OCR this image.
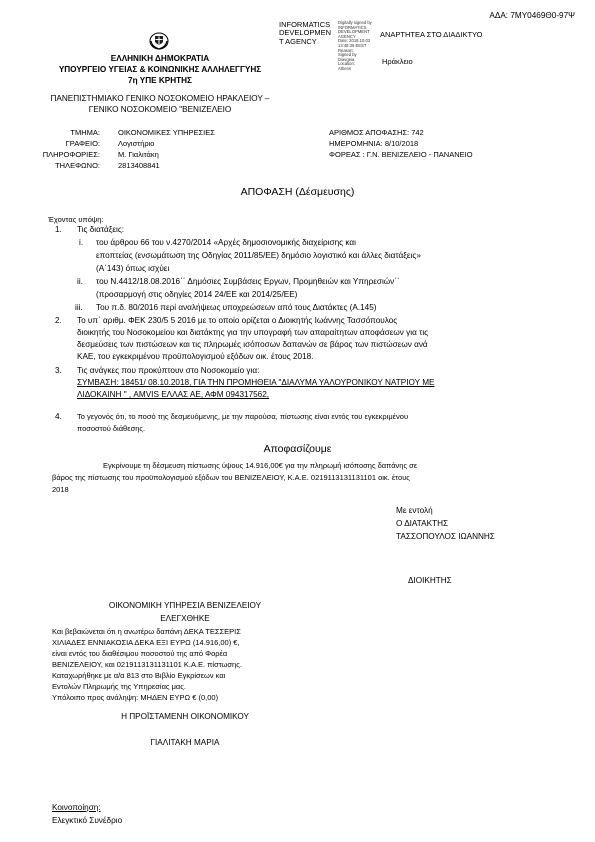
ΑΔΑ: 7ΜΥ0469Θ0-97Ψ
INFORMATICS
DEVELOPMEN
T AGENCY
Digitally signed by
INFORMATICS
DEVELOPMENT
AGENCY
Date: 2018.10.03
13:48:39 EEST
Reason:
Signed by
Diavgeia
Location:
Athens
ΑΝΑΡΤΗΤΕΑ ΣΤΟ ΔΙΑΔΙΚΤΥΟ
Ηράκλειο
ΕΛΛΗΝΙΚΗ ΔΗΜΟΚΡΑΤΙΑ
ΥΠΟΥΡΓΕΙΟ ΥΓΕΙΑΣ & ΚΟΙΝΩΝΙΚΗΣ ΑΛΛΗΛΕΓΓΥΗΣ
7η ΥΠΕ ΚΡΗΤΗΣ
ΠΑΝΕΠΙΣΤΗΜΙΑΚΟ ΓΕΝΙΚΟ ΝΟΣΟΚΟΜΕΙΟ ΗΡΑΚΛΕΙΟΥ –
ΓΕΝΙΚΟ ΝΟΣΟΚΟΜΕΙΟ "ΒΕΝΙΖΕΛΕΙΟ
ΤΜΗΜΑ: ΟΙΚΟΝΟΜΙΚΕΣ ΥΠΗΡΕΣΙΕΣ
ΓΡΑΦΕΙΟ: Λογιστήριο
ΠΛΗΡΟΦΟΡΙΕΣ: Μ. Γιαλιτάκη
ΤΗΛΕΦΩΝΟ: 2813408841
ΑΡΙΘΜΟΣ ΑΠΟΦΑΣΗΣ: 742
ΗΜΕΡΟΜΗΝΙΑ: 8/10/2018
ΦΟΡΕΑΣ : Γ.Ν. ΒΕΝΙΖΕΛΕΙΟ - ΠΑΝΑΝΕΙΟ
ΑΠΟΦΑΣΗ (Δέσμευσης)
Έχοντας υπόψη:
1. Τις διατάξεις:
i. του άρθρου 66 του ν.4270/2014 «Αρχές δημοσιονομικής διαχείρισης και
εποπτείας (ενσωμάτωση της Οδηγίας 2011/85/ΕΕ) δημόσιο λογιστικό και άλλες διατάξεις»
(Α΄143) όπως ισχύει
ii. του Ν.4412/18.08.2016΄΄ Δημόσιες Συμβάσεις Εργων, Προμηθειών και Υπηρεσιών΄΄
(προσαρμογή στις οδηγίες 2014 24/ΕΕ και 2014/25/ΕΕ)
iii. Του π.δ. 80/2016 περί αναλήψεως υποχρεώσεων από τους Διατάκτες (Α.145)
2. Το υπ΄ αριθμ. ΦΕΚ 230/5 5 2016 με το οποίο ορίζεται ο Διοικητής Ιωάννης Τασσόπουλος
διοικητής του Νοσοκομείου και διατάκτης για την υπογραφή των απαραίτητων αποφάσεων για τις
δεσμεύσεις των πιστώσεων και τις πληρωμές ισόποσων δαπανών σε βάρος των πιστώσεων ανά
ΚΑΕ, του εγκεκριμένου προϋπολογισμού εξόδων οικ. έτους 2018.
3. Τις ανάγκες που προκύπτουν στο Νοσοκομείο για:
ΣΥΜΒΑΣΗ: 18451/ 08.10.2018, ΓΙΑ ΤΗΝ ΠΡΟΜΗΘΕΙΑ "ΔΙΑΛΥΜΑ ΥΑΛΟΥΡΟΝΙΚΟΥ ΝΑΤΡΙΟΥ ΜΕ
ΛΙΔΟΚΑΙΝΗ " , AMVIS ΕΛΛΑΣ ΑΕ, ΑΦΜ 094317562,
4. Το γεγονός ότι, το ποσό της δεσμευόμενης, με την παρούσα, πίστωσης είναι εντός του εγκεκριμένου
ποσοστού διάθεσης.
Αποφασίζουμε
Εγκρίνουμε τη δέσμευση πίστωσης ύψους 14.916,00€ για την πληρωμή ισόποσης δαπάνης σε
βάρος της πίστωσης του προϋπολογισμού εξόδων του ΒΕΝΙΖΕΛΕΙΟΥ, Κ.Α.Ε. 0219113131131101 οικ. έτους
2018
Με εντολή
Ο ΔΙΑΤΑΚΤΗΣ
ΤΑΣΣΟΠΟΥΛΟΣ ΙΩΑΝΝΗΣ
ΔΙΟΙΚΗΤΗΣ
ΟΙΚΟΝΟΜΙΚΗ ΥΠΗΡΕΣΙΑ ΒΕΝΙΖΕΛΕΙΟΥ
ΕΛΕΓΧΘΗΚΕ
Και βεβαιώνεται ότι η ανωτέρω δαπάνη ΔΕΚΑ ΤΕΣΣΕΡΙΣ
ΧΙΛΙΑΔΕΣ ΕΝΝΙΑΚΟΣΙΑ ΔΕΚΑ ΕΞΙ ΕΥΡΩ (14.916,00) €,
είναι εντός του διαθέσιμου ποσοστού της από Φορέα
ΒΕΝΙΖΕΛΕΙΟΥ, και 0219113131131101 Κ.Α.Ε. πίστωσης.
Καταχωρήθηκε με α/α 813 στο Βιβλίο Εγκρίσεων και
Εντολών Πληρωμής της Υπηρεσίας μας.
Υπόλοιπο προς ανάληψη: ΜΗΔΕΝ ΕΥΡΩ € (0,00)
Η ΠΡΟΪΣΤΑΜΕΝΗ ΟΙΚΟΝΟΜΙΚΟΥ
ΓΙΑΛΙΤΑΚΗ ΜΑΡΙΑ
Κοινοποίηση:
Ελεγκτικό Συνέδριο
